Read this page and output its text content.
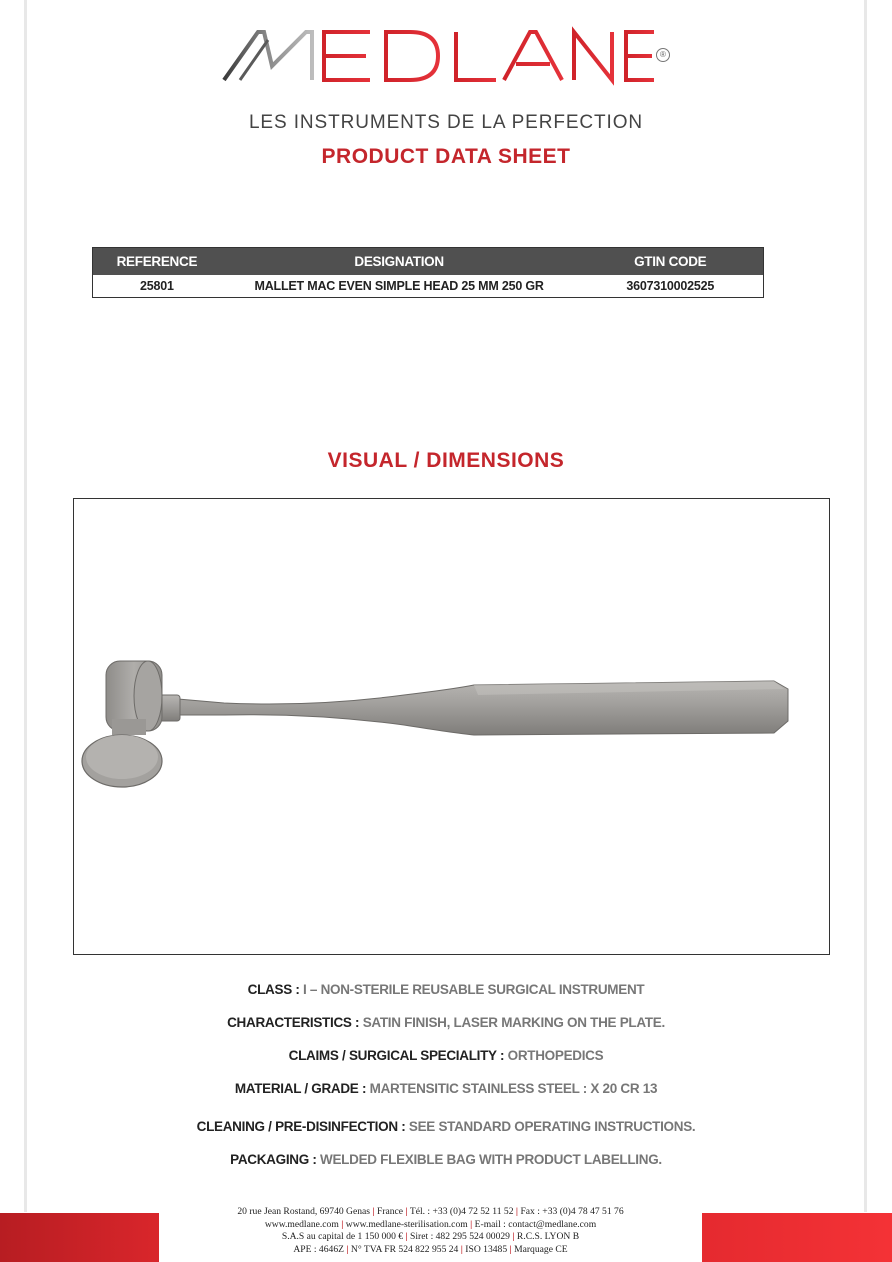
®
LES INSTRUMENTS DE LA PERFECTION
PRODUCT DATA SHEET
REFERENCE	DESIGNATION	GTIN CODE
25801	MALLET MAC EVEN SIMPLE HEAD 25 MM 250 GR	3607310002525
VISUAL / DIMENSIONS
CLASS : I – NON-STERILE REUSABLE SURGICAL INSTRUMENT
CHARACTERISTICS : SATIN FINISH, LASER MARKING ON THE PLATE.
CLAIMS / SURGICAL SPECIALITY : ORTHOPEDICS
MATERIAL / GRADE : MARTENSITIC STAINLESS STEEL : X 20 CR 13
CLEANING / PRE-DISINFECTION : SEE STANDARD OPERATING INSTRUCTIONS.
PACKAGING : WELDED FLEXIBLE BAG WITH PRODUCT LABELLING.
20 rue Jean Rostand, 69740 Genas | France | Tél. : +33 (0)4 72 52 11 52 | Fax : +33 (0)4 78 47 51 76
www.medlane.com | www.medlane-sterilisation.com | E-mail : contact@medlane.com
S.A.S au capital de 1 150 000 € | Siret : 482 295 524 00029 | R.C.S. LYON B
APE : 4646Z | N° TVA FR 524 822 955 24 | ISO 13485 | Marquage CE
